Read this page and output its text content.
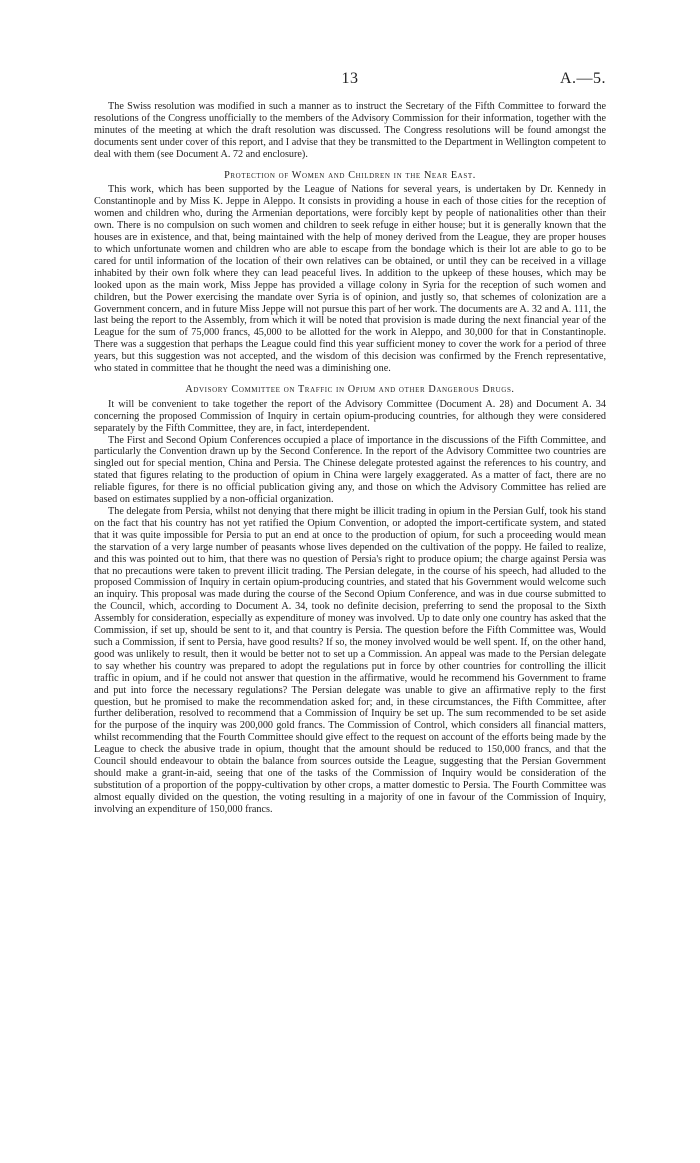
13	A.—5.

The Swiss resolution was modified in such a manner as to instruct the Secretary of the Fifth Committee to forward the resolutions of the Congress unofficially to the members of the Advisory Commission for their information, together with the minutes of the meeting at which the draft resolution was discussed. The Congress resolutions will be found amongst the documents sent under cover of this report, and I advise that they be transmitted to the Department in Wellington competent to deal with them (see Document A. 72 and enclosure).

Protection of Women and Children in the Near East.

This work, which has been supported by the League of Nations for several years, is undertaken by Dr. Kennedy in Constantinople and by Miss K. Jeppe in Aleppo. It consists in providing a house in each of those cities for the reception of women and children who, during the Armenian deportations, were forcibly kept by people of nationalities other than their own. There is no compulsion on such women and children to seek refuge in either house; but it is generally known that the houses are in existence, and that, being maintained with the help of money derived from the League, they are proper houses to which unfortunate women and children who are able to escape from the bondage which is their lot are able to go to be cared for until information of the location of their own relatives can be obtained, or until they can be received in a village inhabited by their own folk where they can lead peaceful lives. In addition to the upkeep of these houses, which may be looked upon as the main work, Miss Jeppe has provided a village colony in Syria for the reception of such women and children, but the Power exercising the mandate over Syria is of opinion, and justly so, that schemes of colonization are a Government concern, and in future Miss Jeppe will not pursue this part of her work. The documents are A. 32 and A. 111, the last being the report to the Assembly, from which it will be noted that provision is made during the next financial year of the League for the sum of 75,000 francs, 45,000 to be allotted for the work in Aleppo, and 30,000 for that in Constantinople. There was a suggestion that perhaps the League could find this year sufficient money to cover the work for a period of three years, but this suggestion was not accepted, and the wisdom of this decision was confirmed by the French representative, who stated in committee that he thought the need was a diminishing one.

Advisory Committee on Traffic in Opium and other Dangerous Drugs.

It will be convenient to take together the report of the Advisory Committee (Document A. 28) and Document A. 34 concerning the proposed Commission of Inquiry in certain opium-producing countries, for although they were considered separately by the Fifth Committee, they are, in fact, interdependent.

The First and Second Opium Conferences occupied a place of importance in the discussions of the Fifth Committee, and particularly the Convention drawn up by the Second Conference. In the report of the Advisory Committee two countries are singled out for special mention, China and Persia. The Chinese delegate protested against the references to his country, and stated that figures relating to the production of opium in China were largely exaggerated. As a matter of fact, there are no reliable figures, for there is no official publication giving any, and those on which the Advisory Committee has relied are based on estimates supplied by a non-official organization.

The delegate from Persia, whilst not denying that there might be illicit trading in opium in the Persian Gulf, took his stand on the fact that his country has not yet ratified the Opium Convention, or adopted the import-certificate system, and stated that it was quite impossible for Persia to put an end at once to the production of opium, for such a proceeding would mean the starvation of a very large number of peasants whose lives depended on the cultivation of the poppy. He failed to realize, and this was pointed out to him, that there was no question of Persia's right to produce opium; the charge against Persia was that no precautions were taken to prevent illicit trading. The Persian delegate, in the course of his speech, had alluded to the proposed Commission of Inquiry in certain opium-producing countries, and stated that his Government would welcome such an inquiry. This proposal was made during the course of the Second Opium Conference, and was in due course submitted to the Council, which, according to Document A. 34, took no definite decision, preferring to send the proposal to the Sixth Assembly for consideration, especially as expenditure of money was involved. Up to date only one country has asked that the Commission, if set up, should be sent to it, and that country is Persia. The question before the Fifth Committee was, Would such a Commission, if sent to Persia, have good results? If so, the money involved would be well spent. If, on the other hand, good was unlikely to result, then it would be better not to set up a Commission. An appeal was made to the Persian delegate to say whether his country was prepared to adopt the regulations put in force by other countries for controlling the illicit traffic in opium, and if he could not answer that question in the affirmative, would he recommend his Government to frame and put into force the necessary regulations? The Persian delegate was unable to give an affirmative reply to the first question, but he promised to make the recommendation asked for; and, in these circumstances, the Fifth Committee, after further deliberation, resolved to recommend that a Commission of Inquiry be set up. The sum recommended to be set aside for the purpose of the inquiry was 200,000 gold francs. The Commission of Control, which considers all financial matters, whilst recommending that the Fourth Committee should give effect to the request on account of the efforts being made by the League to check the abusive trade in opium, thought that the amount should be reduced to 150,000 francs, and that the Council should endeavour to obtain the balance from sources outside the League, suggesting that the Persian Government should make a grant-in-aid, seeing that one of the tasks of the Commission of Inquiry would be consideration of the substitution of a proportion of the poppy-cultivation by other crops, a matter domestic to Persia. The Fourth Committee was almost equally divided on the question, the voting resulting in a majority of one in favour of the Commission of Inquiry, involving an expenditure of 150,000 francs.
